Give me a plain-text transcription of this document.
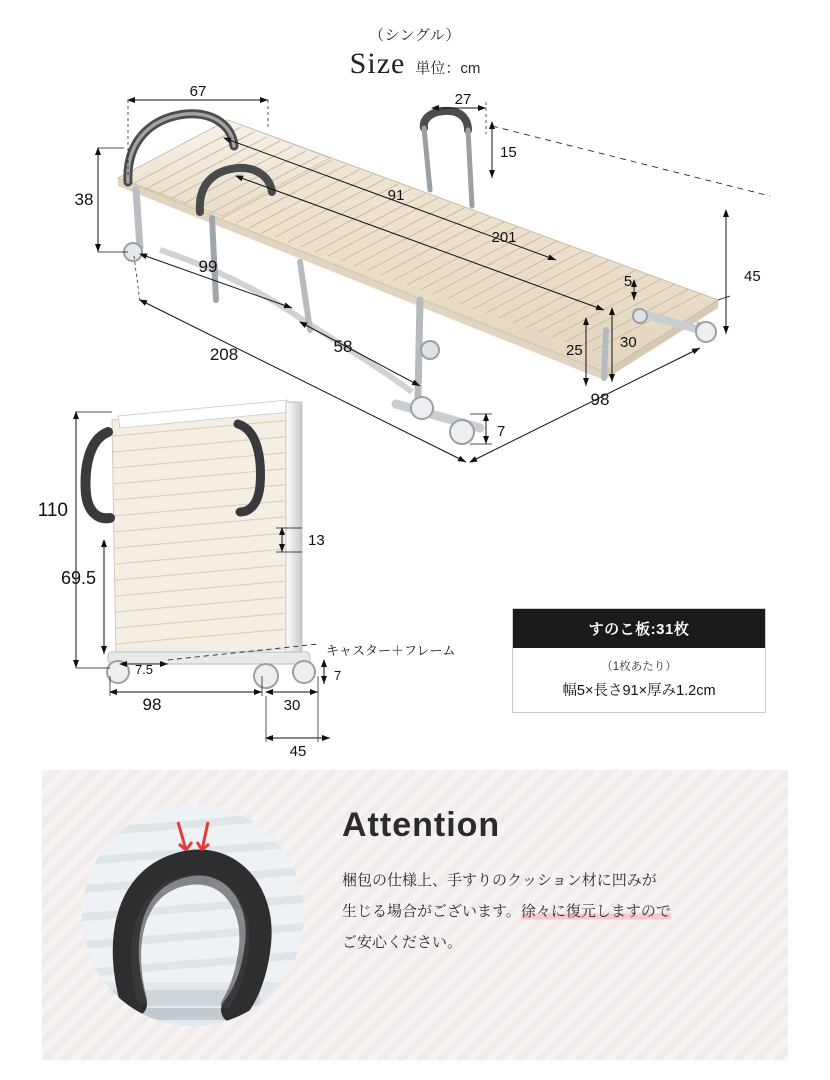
（シングル）
Size 単位：cm
67	27
15
38	91
201
45
99
208	58
5
30
25
7
98
110
69.5
13
7.5	7
98	30
45
キャスター＋フレーム
すのこ板:31枚
（1枚あたり）
幅5×長さ91×厚み1.2cm
Attention
梱包の仕様上、手すりのクッション材に凹みが
生じる場合がございます。徐々に復元しますので
ご安心ください。
